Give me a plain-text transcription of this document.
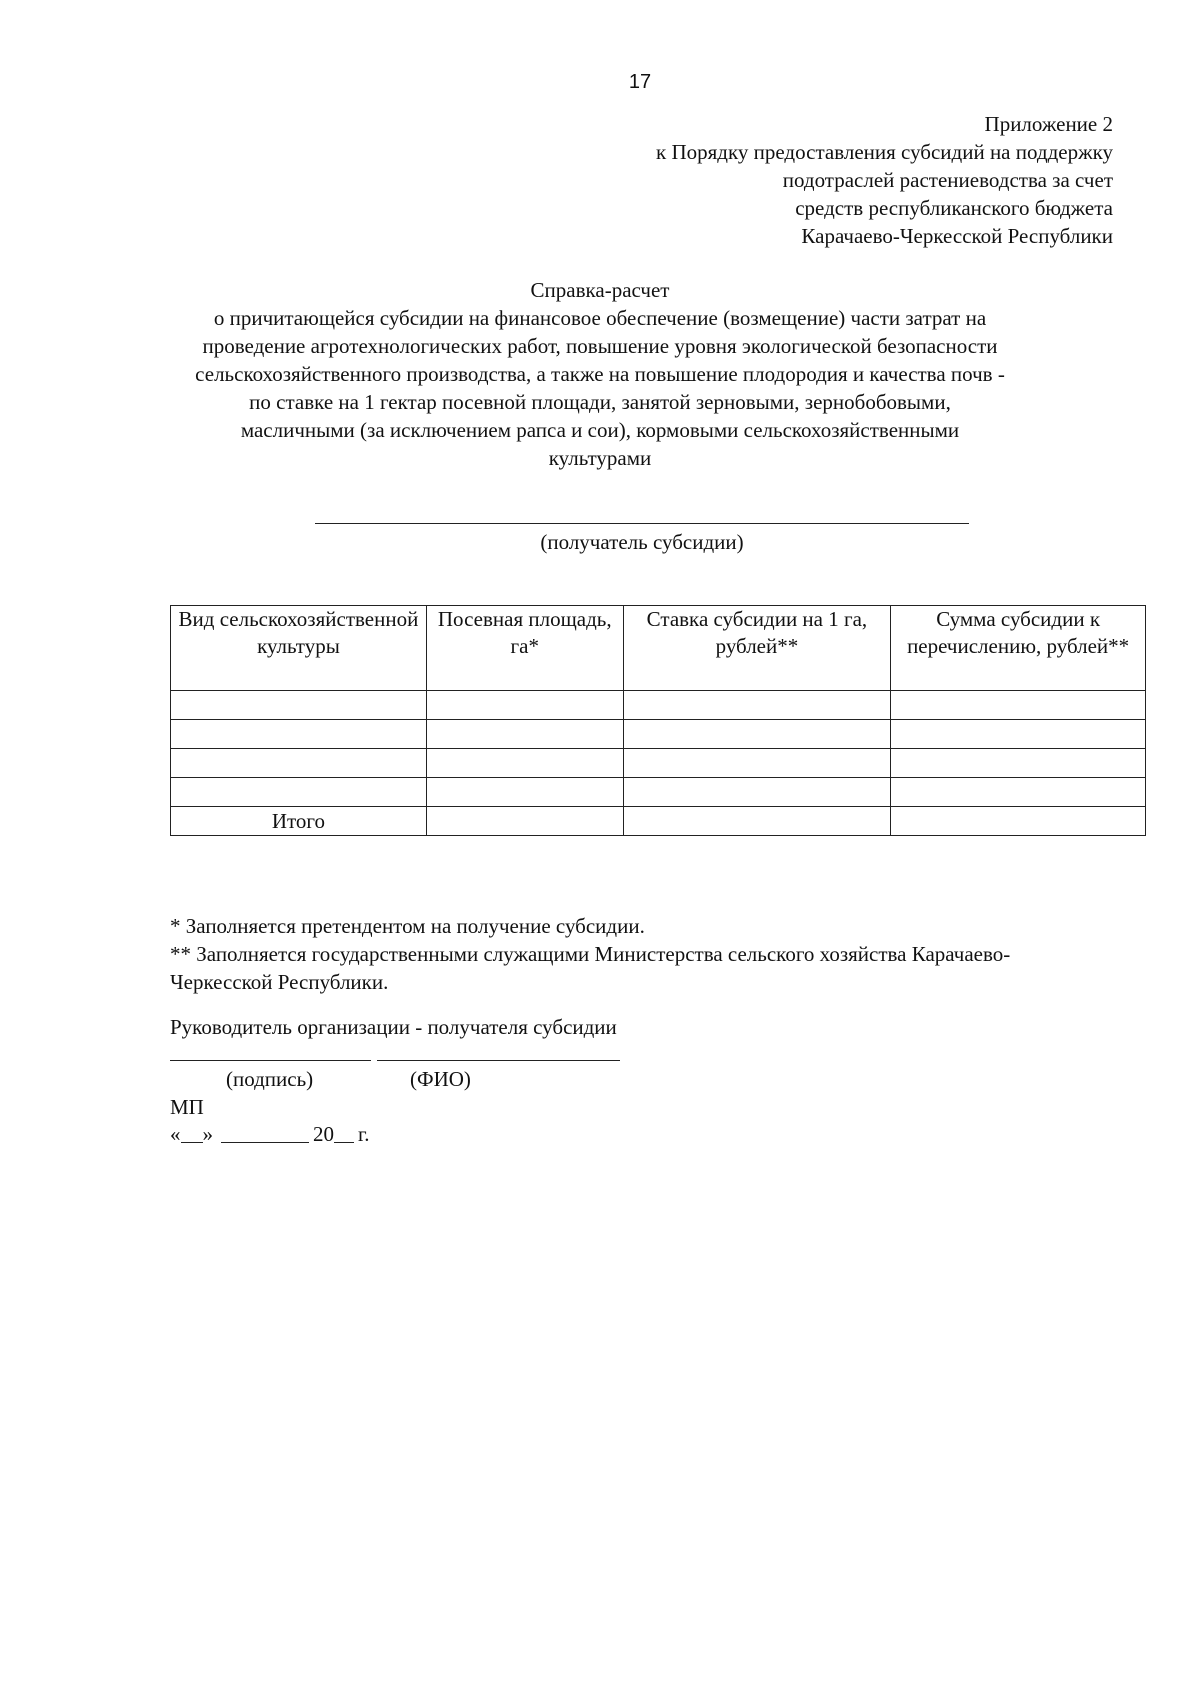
17
Приложение 2
к Порядку предоставления субсидий на поддержку
подотраслей растениеводства за счет
средств республиканского бюджета
Карачаево-Черкесской Республики
Справка-расчет
о причитающейся субсидии на финансовое обеспечение (возмещение) части затрат на
проведение агротехнологических работ, повышение уровня экологической безопасности
сельскохозяйственного производства, а также на повышение плодородия и качества почв -
по ставке на 1 гектар посевной площади, занятой зерновыми, зернобобовыми,
масличными (за исключением рапса и сои), кормовыми сельскохозяйственными
культурами
(получатель субсидии)
Вид сельскохозяйственной культуры	Посевная площадь, га*	Ставка субсидии на 1 га, рублей**	Сумма субсидии к перечислению, рублей**

Итого			
* Заполняется претендентом на получение субсидии.
** Заполняется государственными служащими Министерства сельского хозяйства Карачаево-
Черкесской Республики.
Руководитель организации - получателя субсидии
(подпись)	(ФИО)
МП
« »	20 г.
